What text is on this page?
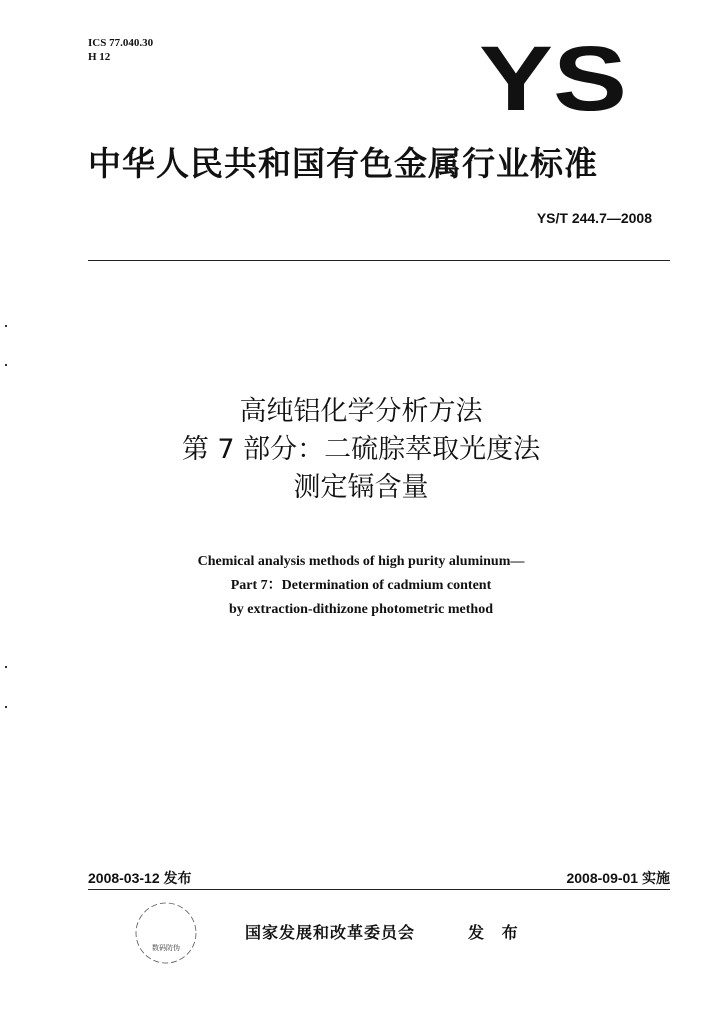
ICS 77.040.30
H 12	YS
中华人民共和国有色金属行业标准
YS/T 244.7—2008
高纯铝化学分析方法
第 7 部分：二硫腙萃取光度法
测定镉含量
Chemical analysis methods of high purity aluminum—
Part 7：Determination of cadmium content
by extraction-dithizone photometric method
2008-03-12 发布	2008-09-01 实施
数码防伪
国家发展和改革委员会	发 布
